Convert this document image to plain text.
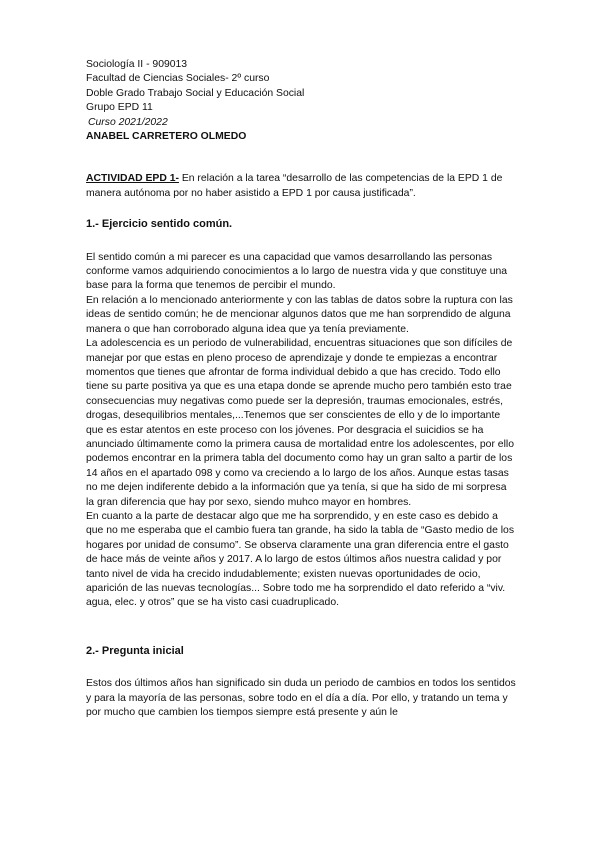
Sociología II - 909013

Facultad de Ciencias Sociales- 2º curso

Doble Grado Trabajo Social y Educación Social

Grupo EPD 11

Curso 2021/2022

ANABEL CARRETERO OLMEDO

ACTIVIDAD EPD 1- En relación a la tarea “desarrollo de las competencias de la EPD 1 de manera autónoma por no haber asistido a EPD 1 por causa justificada”.

1.- Ejercicio sentido común.

El sentido común a mi parecer es una capacidad que vamos desarrollando las personas conforme vamos adquiriendo conocimientos a lo largo de nuestra vida y que constituye una base para la forma que tenemos de percibir el mundo.

En relación a lo mencionado anteriormente y con las tablas de datos sobre la ruptura con las ideas de sentido común; he de mencionar algunos datos que me han sorprendido de alguna manera o que han corroborado alguna idea que ya tenía previamente.

La adolescencia es un periodo de vulnerabilidad, encuentras situaciones que son difíciles de manejar por que estas en pleno proceso de aprendizaje y donde te empiezas a encontrar momentos que tienes que afrontar de forma individual debido a que has crecido. Todo ello tiene su parte positiva ya que es una etapa donde se aprende mucho pero también esto trae consecuencias muy negativas como puede ser la depresión, traumas emocionales, estrés, drogas, desequilibrios mentales,...Tenemos que ser conscientes de ello y de lo importante que es estar atentos en este proceso con los jóvenes. Por desgracia el suicidios se ha anunciado últimamente como la primera causa de mortalidad entre los adolescentes, por ello podemos encontrar en la primera tabla del documento como hay un gran salto a partir de los 14 años en el apartado 098 y como va creciendo a lo largo de los años. Aunque estas tasas no me dejen indiferente debido a la información que ya tenía, si que ha sido de mi sorpresa la gran diferencia que hay por sexo, siendo muhco mayor en hombres.

En cuanto a la parte de destacar algo que me ha sorprendido, y en este caso es debido a que no me esperaba que el cambio fuera tan grande, ha sido la tabla de “Gasto medio de los hogares por unidad de consumo”. Se observa claramente una gran diferencia entre el gasto de hace más de veinte años y 2017. A lo largo de estos últimos años nuestra calidad y por tanto nivel de vida ha crecido indudablemente; existen nuevas oportunidades de ocio, aparición de las nuevas tecnologías... Sobre todo me ha sorprendido el dato referido a “viv. agua, elec. y otros” que se ha visto casi cuadruplicado.

2.- Pregunta inicial

Estos dos últimos años han significado sin duda un periodo de cambios en todos los sentidos y para la mayoría de las personas, sobre todo en el día a día. Por ello, y tratando un tema y por mucho que cambien los tiempos siempre está presente y aún le
